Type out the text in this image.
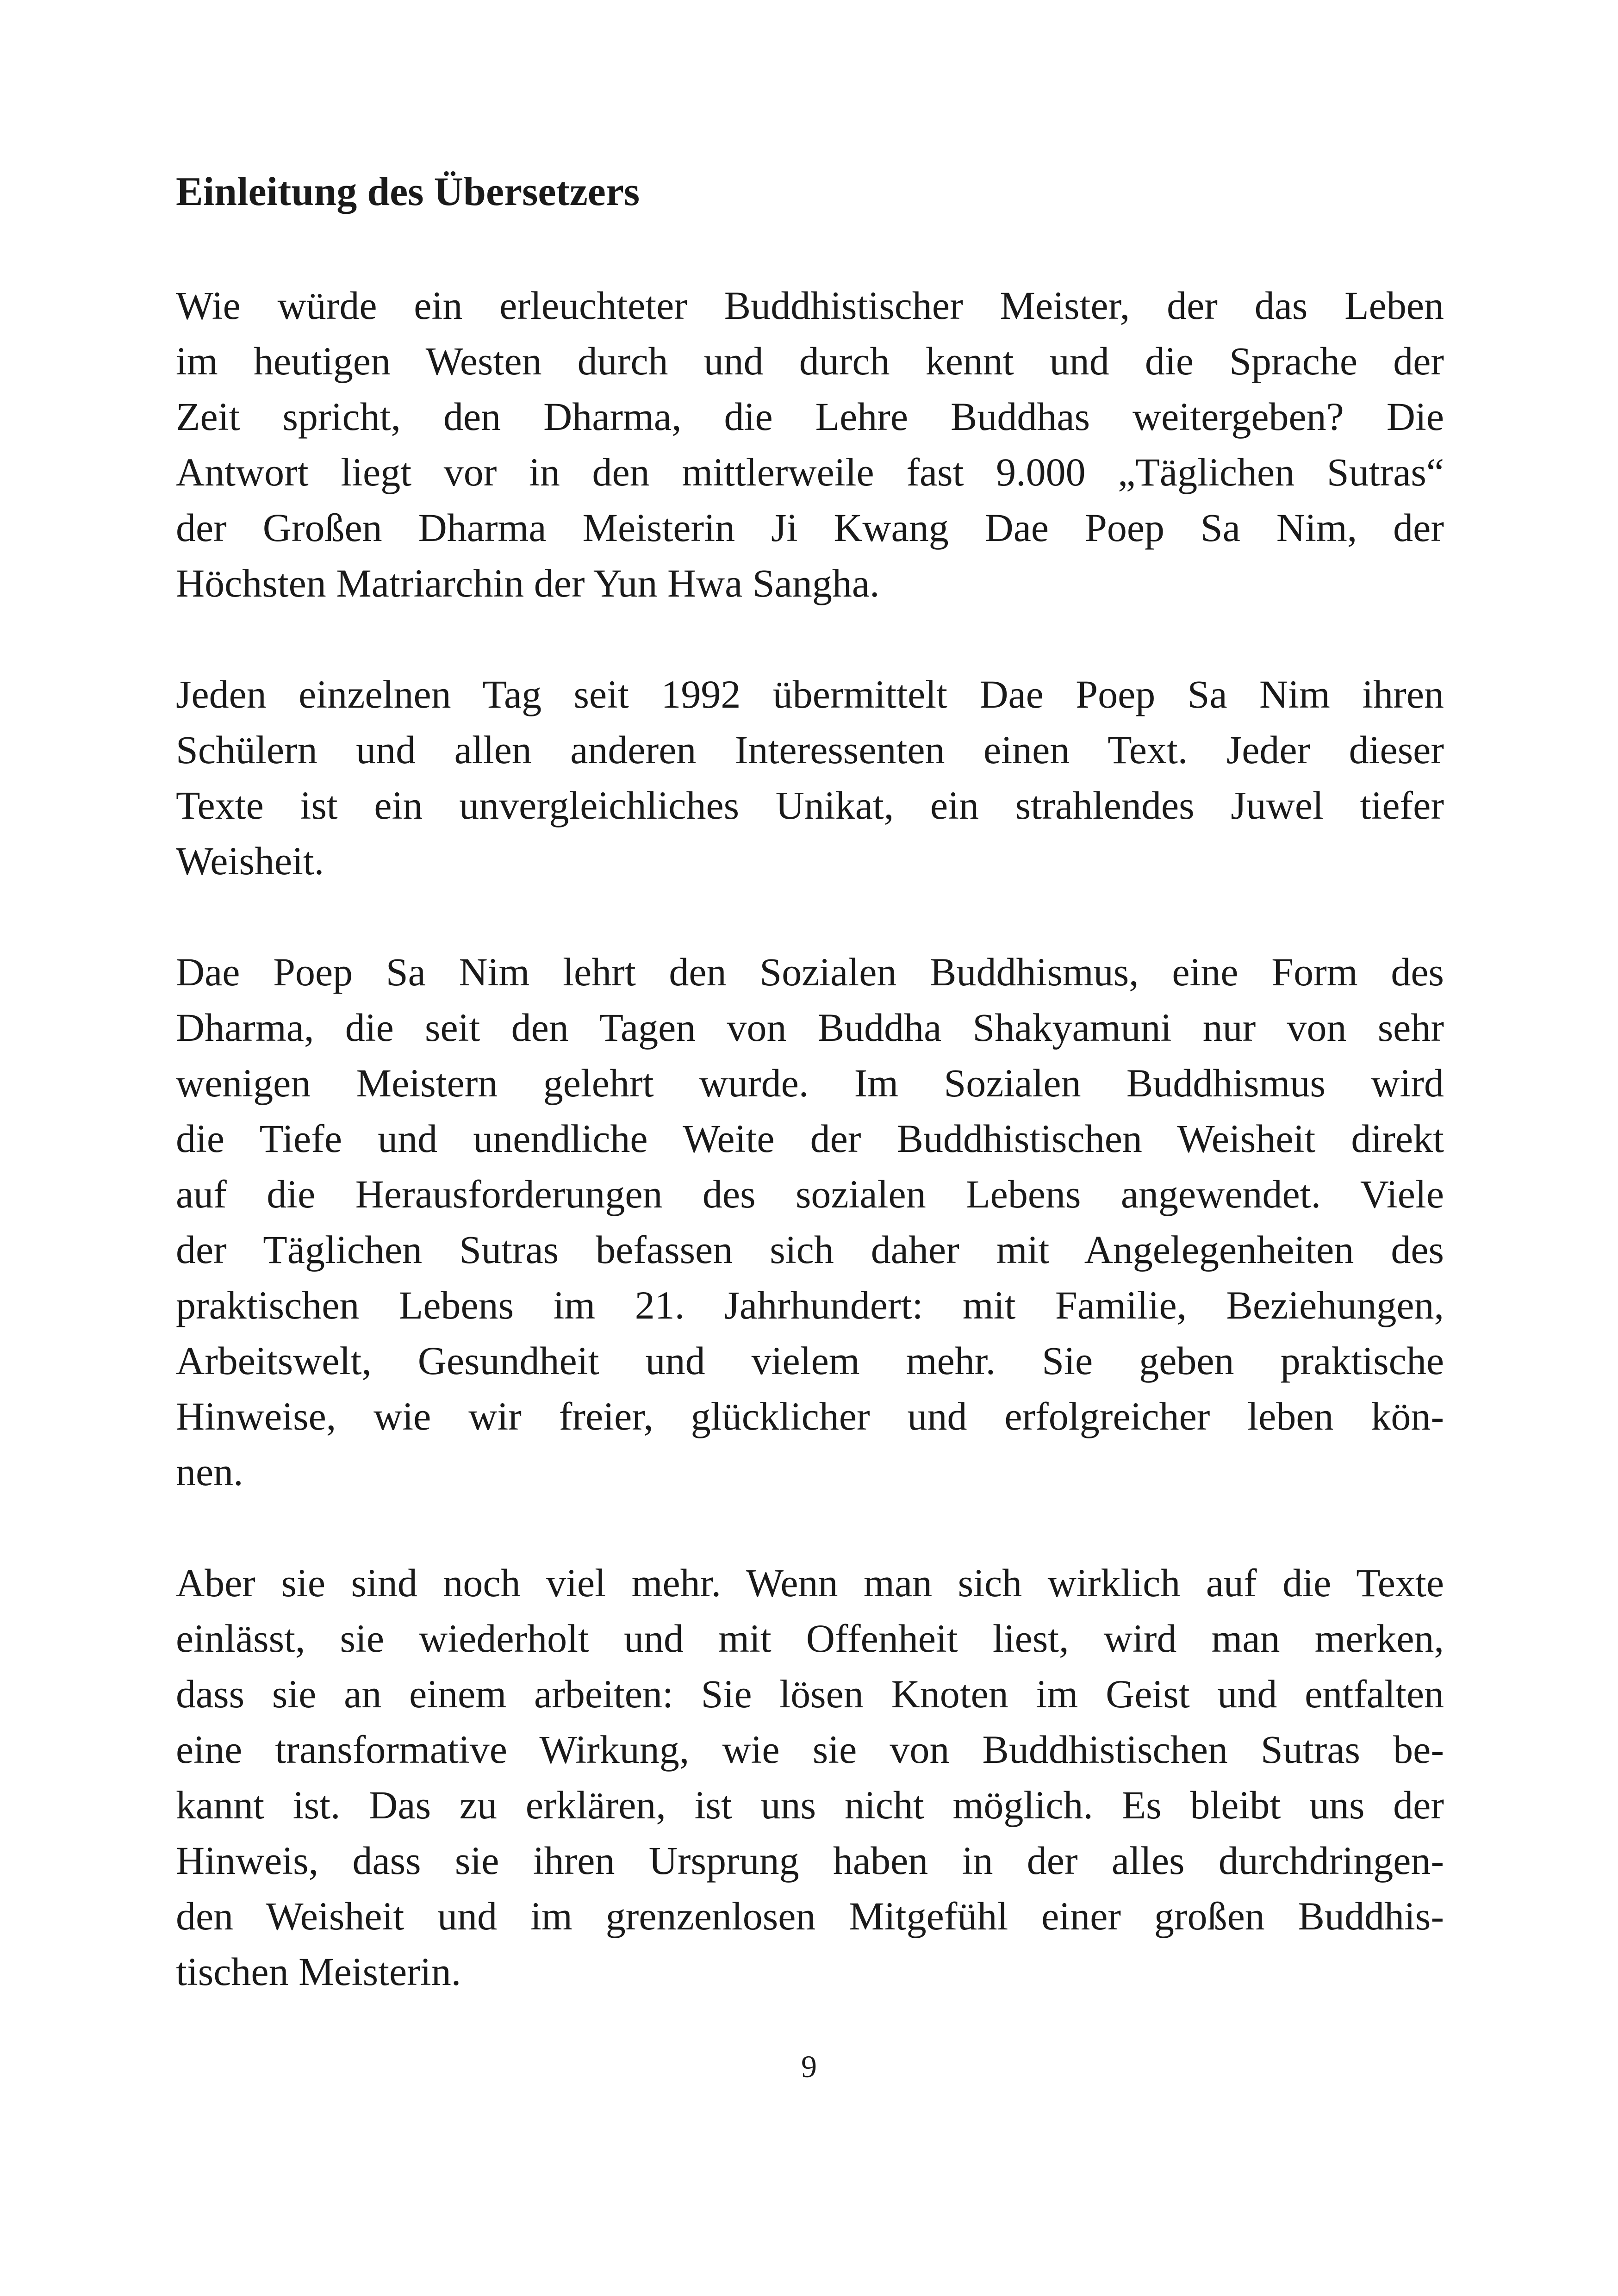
Einleitung des Übersetzers
Wie würde ein erleuchteter Buddhistischer Meister, der das Leben
im heutigen Westen durch und durch kennt und die Sprache der
Zeit spricht, den Dharma, die Lehre Buddhas weitergeben? Die
Antwort liegt vor in den mittlerweile fast 9.000 „Täglichen Sutras“
der Großen Dharma Meisterin Ji Kwang Dae Poep Sa Nim, der
Höchsten Matriarchin der Yun Hwa Sangha.
Jeden einzelnen Tag seit 1992 übermittelt Dae Poep Sa Nim ihren
Schülern und allen anderen Interessenten einen Text. Jeder dieser
Texte ist ein unvergleichliches Unikat, ein strahlendes Juwel tiefer
Weisheit.
Dae Poep Sa Nim lehrt den Sozialen Buddhismus, eine Form des
Dharma, die seit den Tagen von Buddha Shakyamuni nur von sehr
wenigen Meistern gelehrt wurde. Im Sozialen Buddhismus wird
die Tiefe und unendliche Weite der Buddhistischen Weisheit direkt
auf die Herausforderungen des sozialen Lebens angewendet. Viele
der Täglichen Sutras befassen sich daher mit Angelegenheiten des
praktischen Lebens im 21. Jahrhundert: mit Familie, Beziehungen,
Arbeitswelt, Gesundheit und vielem mehr. Sie geben praktische
Hinweise, wie wir freier, glücklicher und erfolgreicher leben kön-
nen.
Aber sie sind noch viel mehr. Wenn man sich wirklich auf die Texte
einlässt, sie wiederholt und mit Offenheit liest, wird man merken,
dass sie an einem arbeiten: Sie lösen Knoten im Geist und entfalten
eine transformative Wirkung, wie sie von Buddhistischen Sutras be-
kannt ist. Das zu erklären, ist uns nicht möglich. Es bleibt uns der
Hinweis, dass sie ihren Ursprung haben in der alles durchdringen-
den Weisheit und im grenzenlosen Mitgefühl einer großen Buddhis-
tischen Meisterin.

9
